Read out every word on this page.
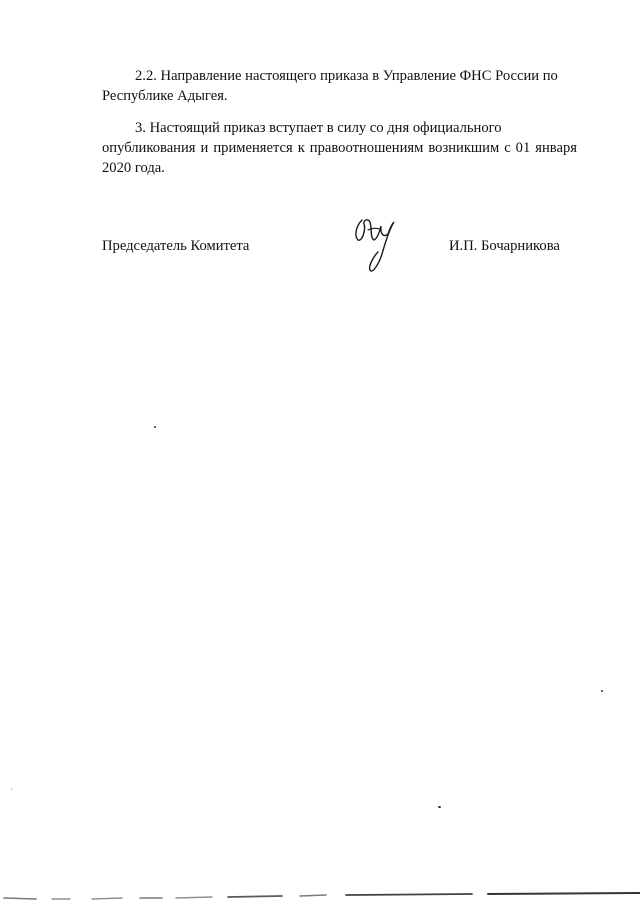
2.2. Направление настоящего приказа в Управление ФНС России по
Республике Адыгея.

3. Настоящий приказ вступает в силу со дня официального
опубликования и применяется к правоотношениям возникшим с 01 января
2020 года.

Председатель Комитета	И.П. Бочарникова
